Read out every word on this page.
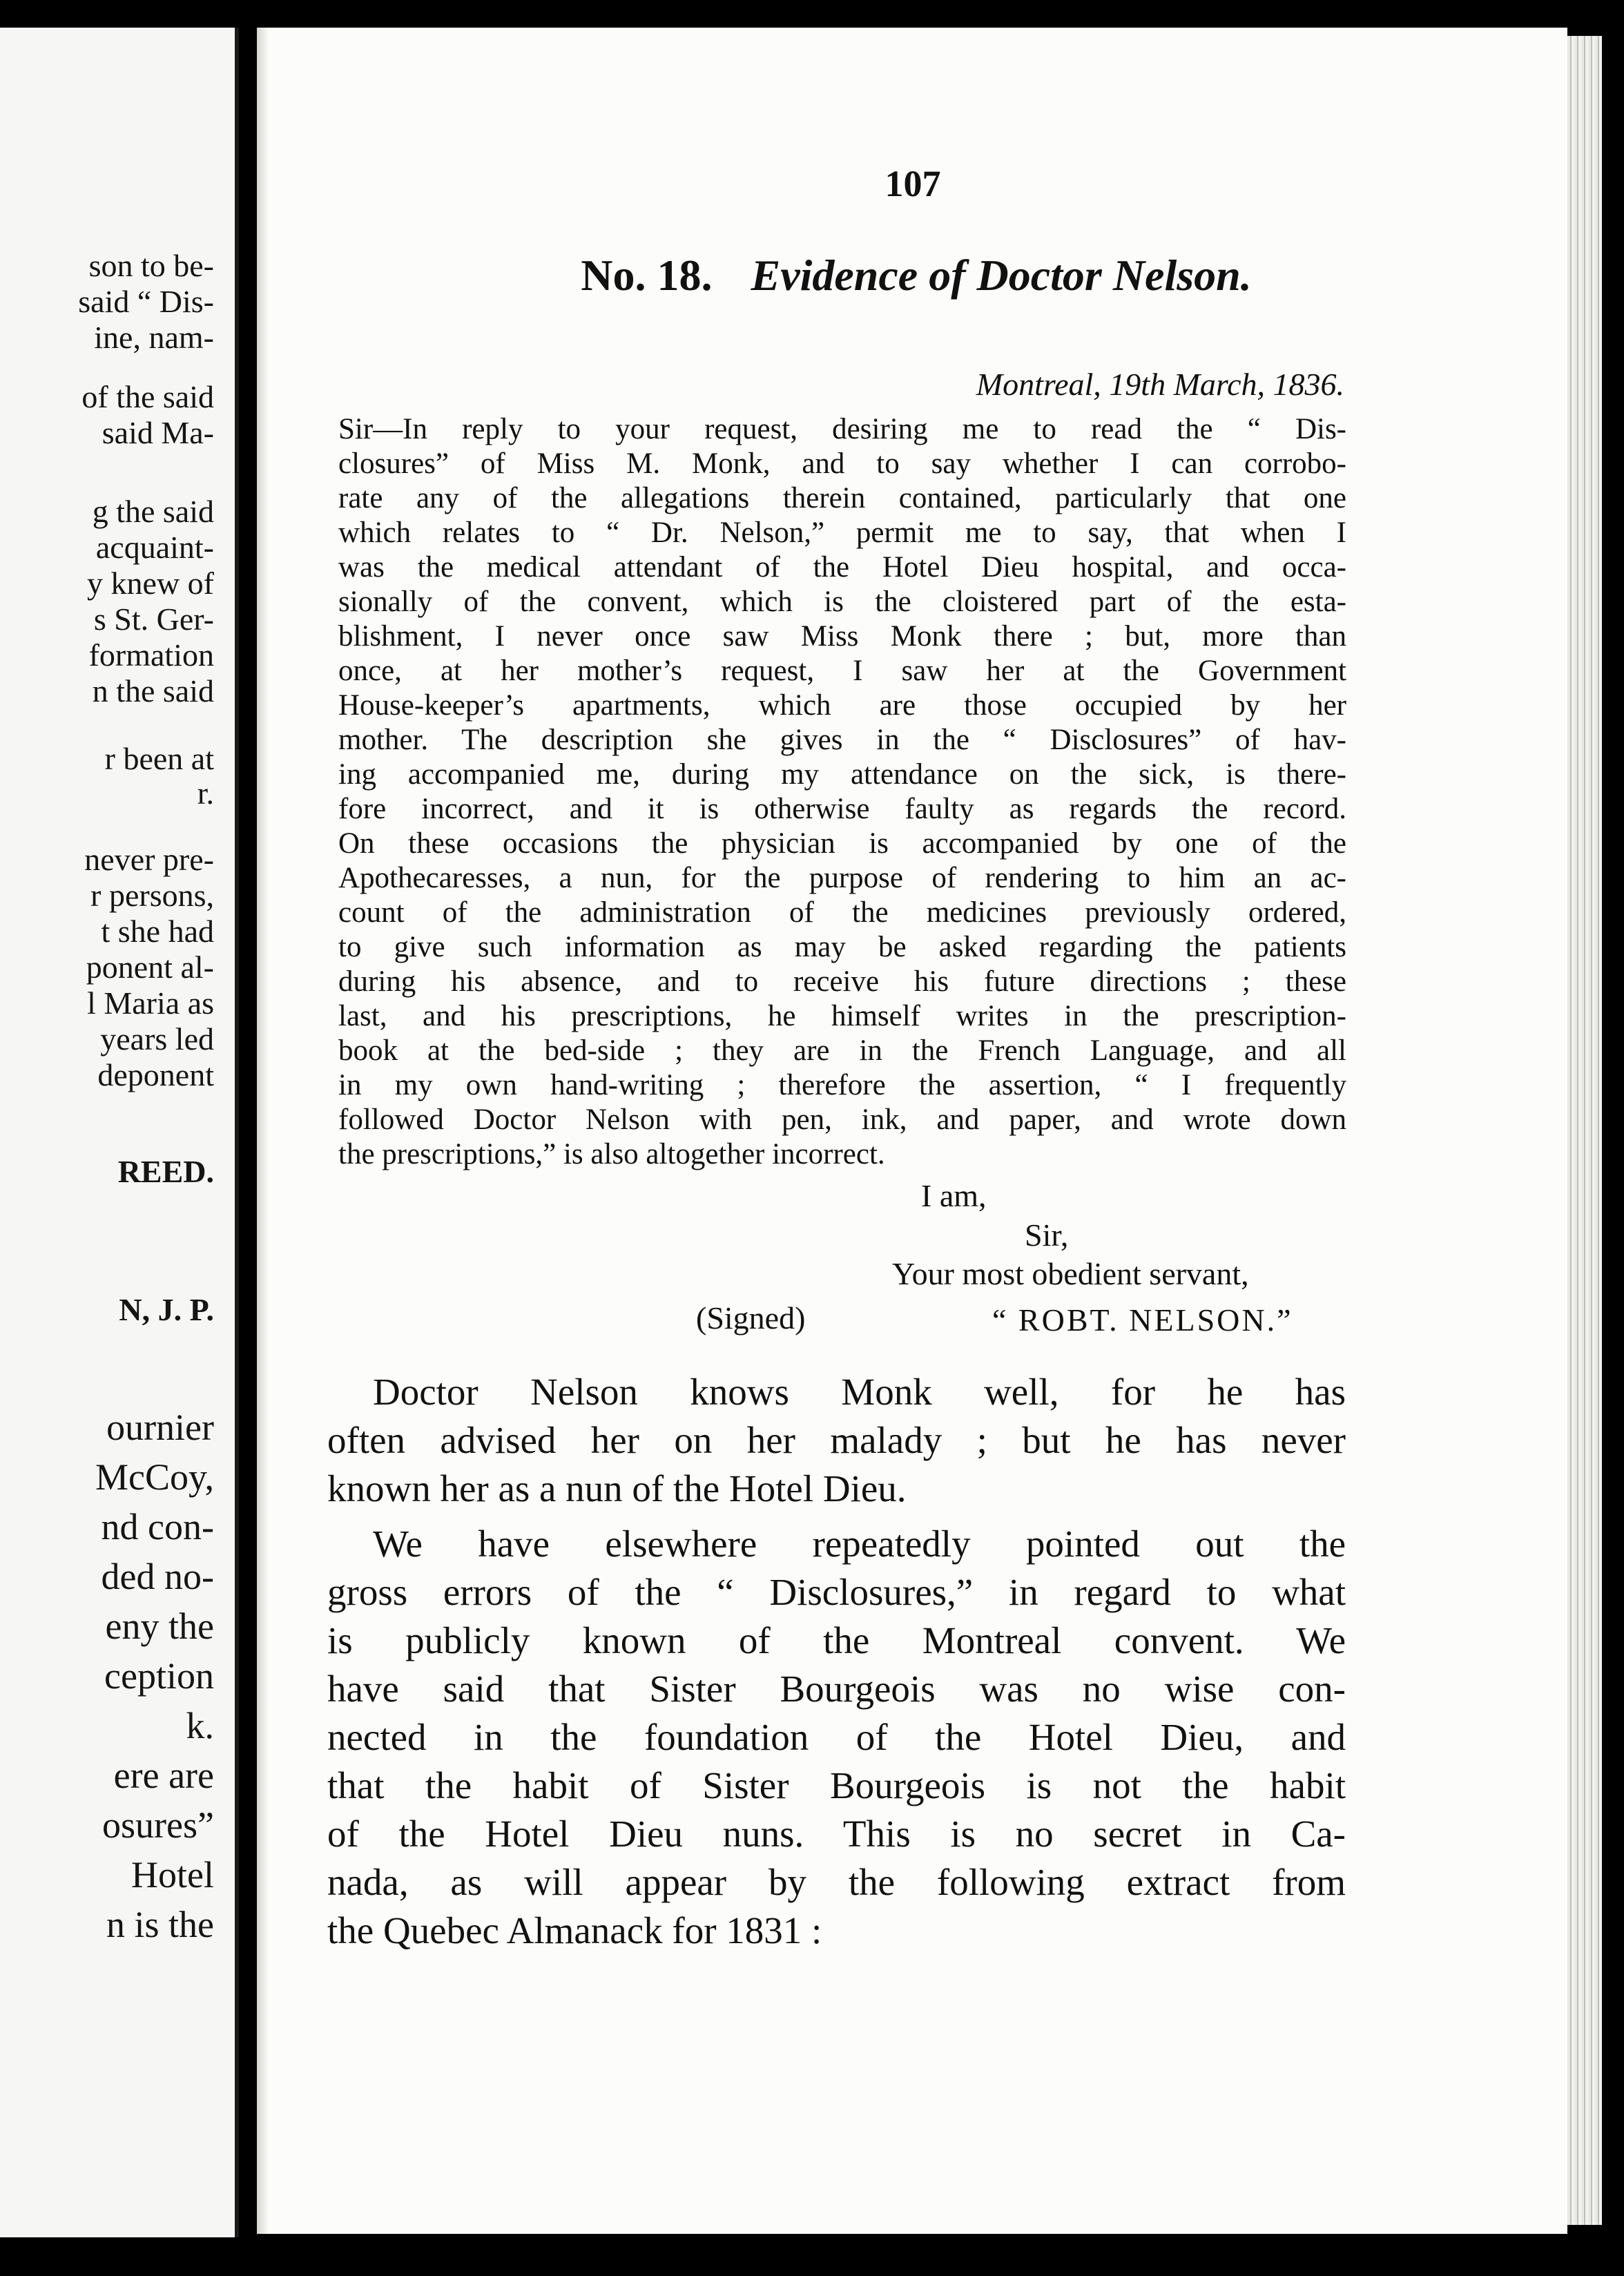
son to be-
said “ Dis-
ine, nam-
of the said
said Ma-
g the said
acquaint-
y knew of
s St. Ger-
formation
n the said
r been at
r.
never pre-
r persons,
t she had
ponent al-
l Maria as
years led
deponent
REED.
N, J. P.
ournier
McCoy,
nd con-
ded no-
eny the
ception
k.
ere are
osures”
Hotel
n is the
107
No. 18. Evidence of Doctor Nelson.
Montreal, 19th March, 1836.
Sir—In reply to your request, desiring me to read the “ Dis-
closures” of Miss M. Monk, and to say whether I can corrobo-
rate any of the allegations therein contained, particularly that one
which relates to “ Dr. Nelson,” permit me to say, that when I
was the medical attendant of the Hotel Dieu hospital, and occa-
sionally of the convent, which is the cloistered part of the esta-
blishment, I never once saw Miss Monk there ; but, more than
once, at her mother’s request, I saw her at the Government
House-keeper’s apartments, which are those occupied by her
mother. The description she gives in the “ Disclosures” of hav-
ing accompanied me, during my attendance on the sick, is there-
fore incorrect, and it is otherwise faulty as regards the record.
On these occasions the physician is accompanied by one of the
Apothecaresses, a nun, for the purpose of rendering to him an ac-
count of the administration of the medicines previously ordered,
to give such information as may be asked regarding the patients
during his absence, and to receive his future directions ; these
last, and his prescriptions, he himself writes in the prescription-
book at the bed-side ; they are in the French Language, and all
in my own hand-writing ; therefore the assertion, “ I frequently
followed Doctor Nelson with pen, ink, and paper, and wrote down
the prescriptions,” is also altogether incorrect.
I am,
Sir,
Your most obedient servant,
(Signed)	“ ROBT. NELSON.”
Doctor Nelson knows Monk well, for he has
often advised her on her malady ; but he has never
known her as a nun of the Hotel Dieu.
We have elsewhere repeatedly pointed out the
gross errors of the “ Disclosures,” in regard to what
is publicly known of the Montreal convent. We
have said that Sister Bourgeois was no wise con-
nected in the foundation of the Hotel Dieu, and
that the habit of Sister Bourgeois is not the habit
of the Hotel Dieu nuns. This is no secret in Ca-
nada, as will appear by the following extract from
the Quebec Almanack for 1831 :
